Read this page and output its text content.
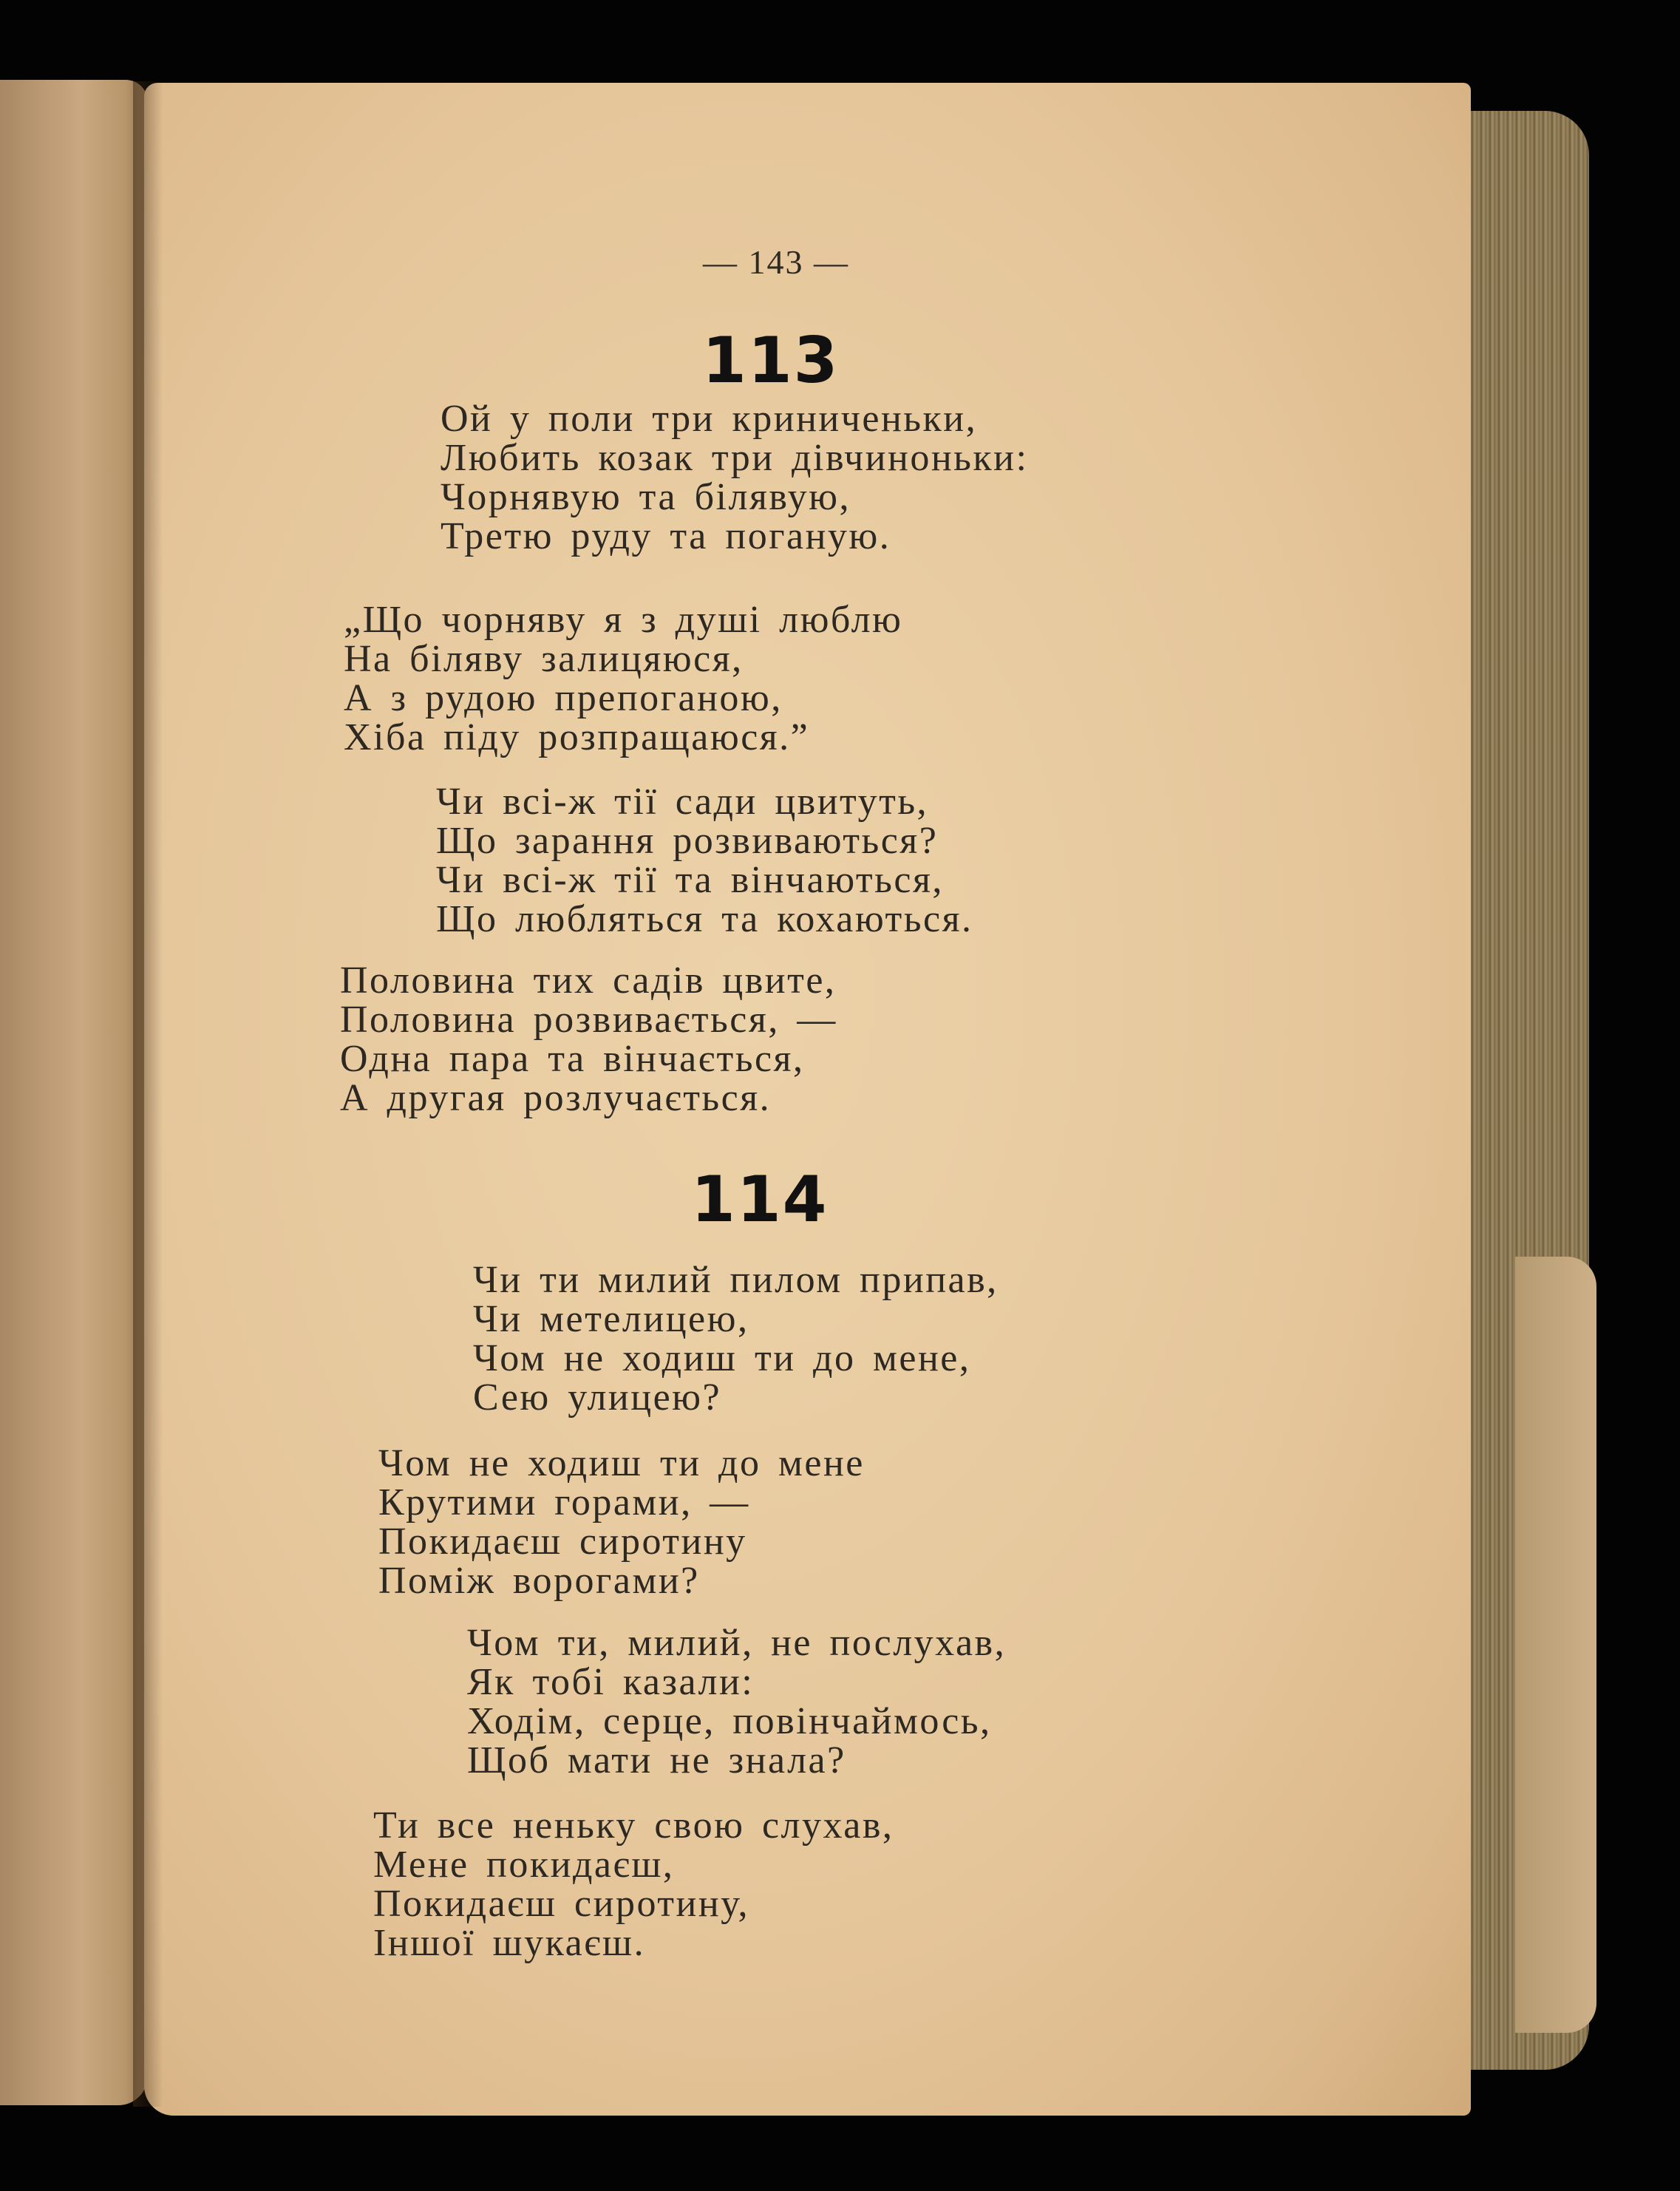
— 143 —
113
Ой у поли три криниченьки,
Любить козак три дівчиноньки:
Чорнявую та білявую,
Третю руду та поганую.
„Що чорняву я з душі люблю
На біляву залицяюся,
А з рудою препоганою,
Хіба піду розпращаюся.”
Чи всі-ж тії сади цвитуть,
Що зарання розвиваються?
Чи всі-ж тії та вінчаються,
Що любляться та кохаються.
Половина тих садів цвите,
Половина розвивається, —
Одна пара та вінчається,
А другая розлучається.
114
Чи ти милий пилом припав,
Чи метелицею,
Чом не ходиш ти до мене,
Сею улицею?
Чом не ходиш ти до мене
Крутими горами, —
Покидаєш сиротину
Поміж ворогами?
Чом ти, милий, не послухав,
Як тобі казали:
Ходім, серце, повінчаймось,
Щоб мати не знала?
Ти все неньку свою слухав,
Мене покидаєш,
Покидаєш сиротину,
Іншої шукаєш.
